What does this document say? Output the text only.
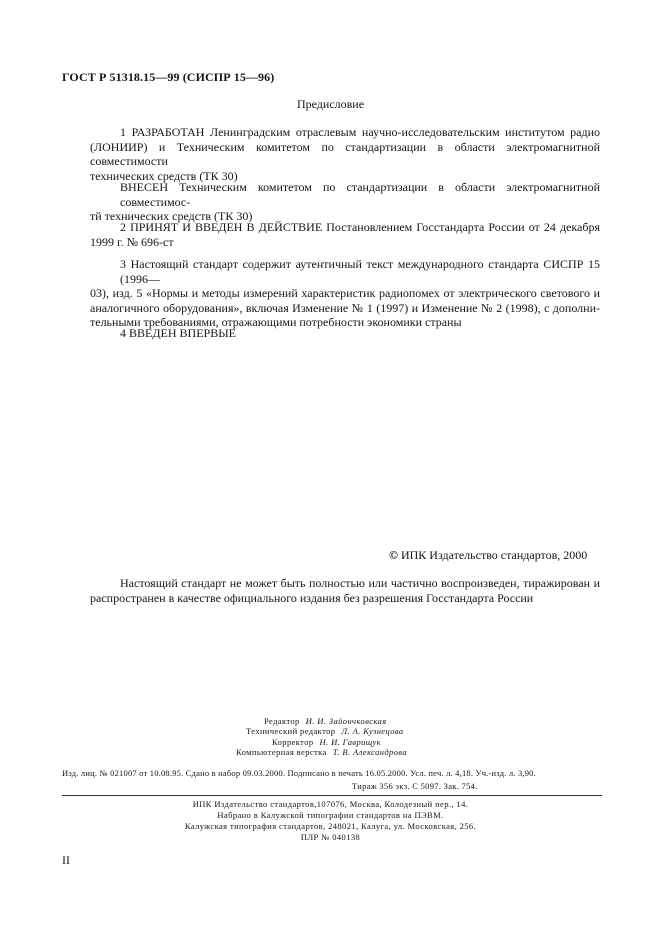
ГОСТ Р 51318.15—99 (СИСПР 15—96)
Предисловие
1 РАЗРАБОТАН Ленинградским отраслевым научно-исследовательским институтом радио
(ЛОНИИР) и Техническим комитетом по стандартизации в области электромагнитной совместимости
технических средств (ТК 30)
ВНЕСЕН Техническим комитетом по стандартизации в области электромагнитной совместимос-
тй технических средств (ТК 30)
2 ПРИНЯТ И ВВЕДЕН В ДЕЙСТВИЕ Постановлением Госстандарта России от 24 декабря
1999 г. № 696-ст
3 Настоящий стандарт содержит аутентичный текст международного стандарта СИСПР 15 (1996—
03), изд. 5 «Нормы и методы измерений характеристик радиопомех от электрического светового и
аналогичного оборудования», включая Изменение № 1 (1997) и Изменение № 2 (1998), с дополни-
тельными требованиями, отражающими потребности экономики страны
4 ВВЕДЕН ВПЕРВЫЕ
© ИПК Издательство стандартов, 2000
Настоящий стандарт не может быть полностью или частично воспроизведен, тиражирован и
распространен в качестве официального издания без разрешения Госстандарта России
Редактор И. И. Зайончковская
Технический редактор Л. А. Кузнецова
Корректор Н. И. Гаврищук
Компьютерная верстка Т. В. Александрова
Изд. лиц. № 021007 от 10.08.95. Сдано в набор 09.03.2000. Подписано в печать 16.05.2000. Усл. печ. л. 4,18. Уч.-изд. л. 3,90.
Тираж 356 экз. С 5097. Зак. 754.
ИПК Издательство стандартов,107076, Москва, Колодезный пер., 14.
Набрано в Калужской типографии стандартов на ПЭВМ.
Калужская типография стандартов, 248021, Калуга, ул. Московская, 256.
ПЛР № 040138
II
